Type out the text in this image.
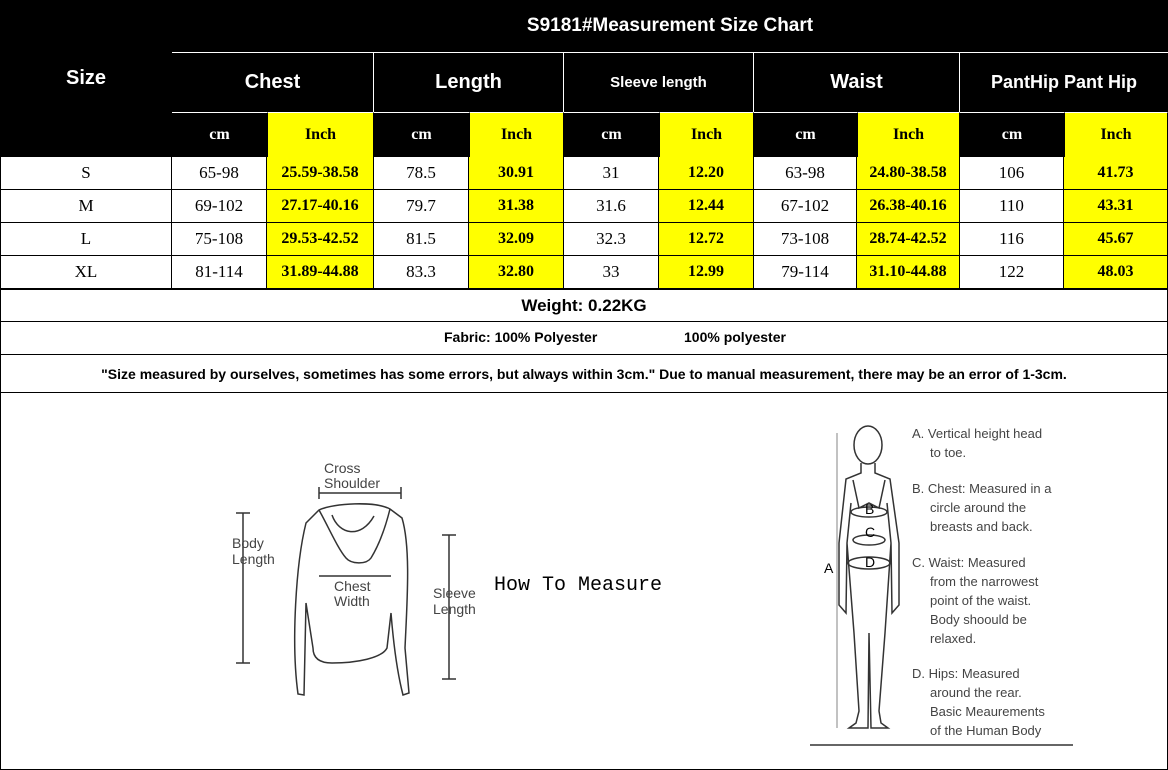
Size
S9181#Measurement Size Chart
Chest	Length	Sleeve length	Waist	PantHip Pant Hip
cm	Inch	cm	Inch	cm	Inch	cm	Inch	cm	Inch
S	65-98	25.59-38.58	78.5	30.91	31	12.20	63-98	24.80-38.58	106	41.73
M	69-102	27.17-40.16	79.7	31.38	31.6	12.44	67-102	26.38-40.16	110	43.31
L	75-108	29.53-42.52	81.5	32.09	32.3	12.72	73-108	28.74-42.52	116	45.67
XL	81-114	31.89-44.88	83.3	32.80	33	12.99	79-114	31.10-44.88	122	48.03
Weight: 0.22KG
Fabric: 100% Polyester	100% polyester
"Size measured by ourselves, sometimes has some errors, but always within 3cm." Due to manual measurement, there may be an error of 1-3cm.
Cross
Shoulder
Body
Length
Chest
Width	Sleeve
Length
How To Measure
A
B
C
D
A. Vertical height head
to toe.
B. Chest: Measured in a
circle around the
breasts and back.
C. Waist: Measured
from the narrowest
point of the waist.
Body shoould be
relaxed.
D. Hips: Measured
around the rear.
Basic Meaurements
of the Human Body
